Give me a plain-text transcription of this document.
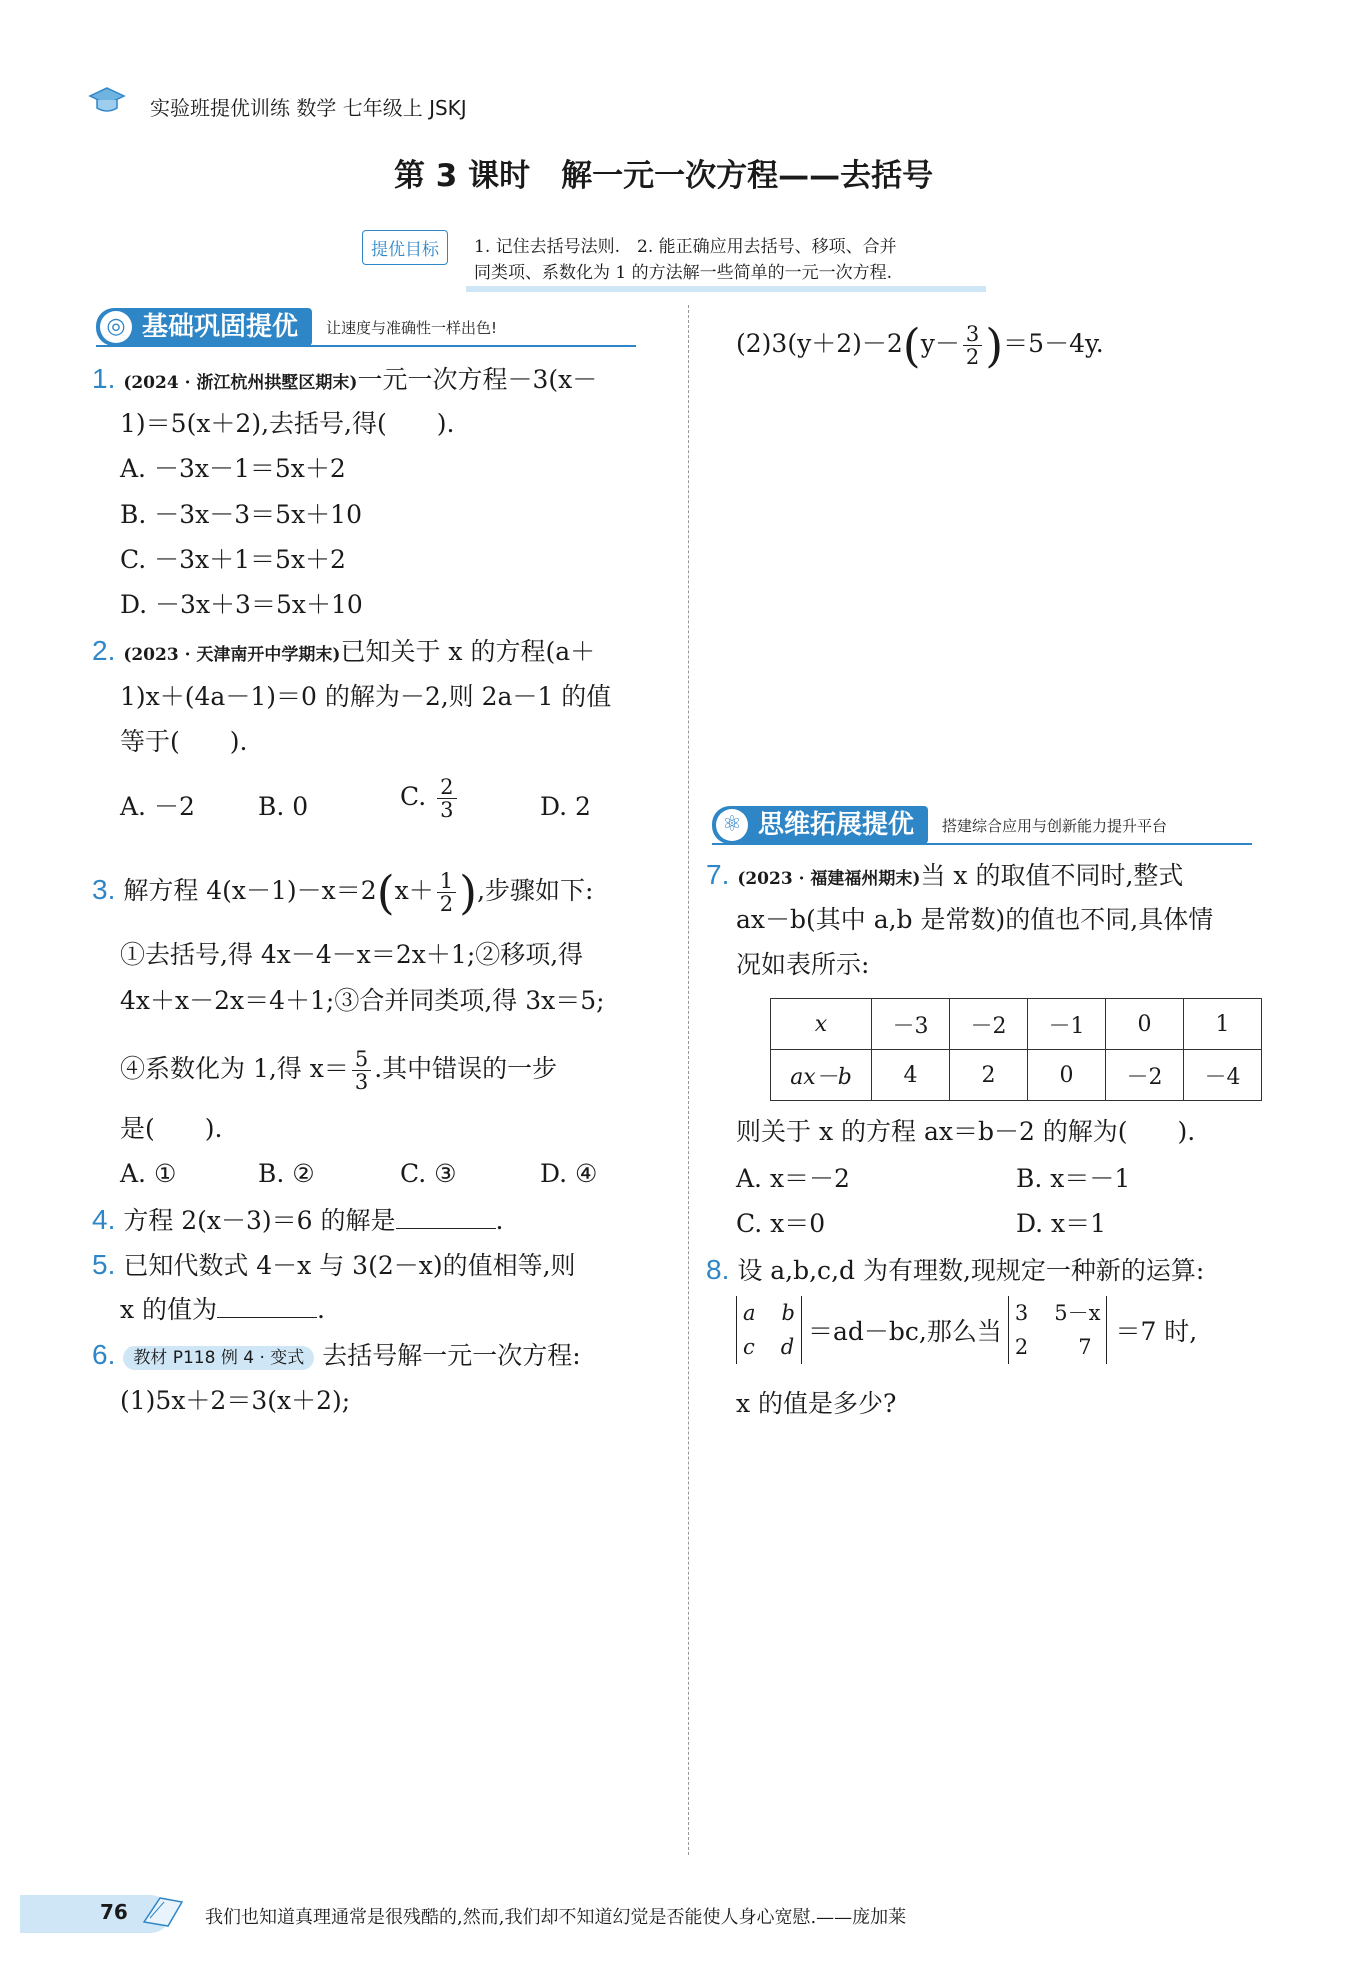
实验班提优训练 数学 七年级上 JSKJ
第 3 课时　解一元一次方程——去括号
提优目标	1. 记住去括号法则.　2. 能正确应用去括号、移项、合并
同类项、系数化为 1 的方法解一些简单的一元一次方程.
◎ 基础巩固提优	让速度与准确性一样出色!
1. (2024 · 浙江杭州拱墅区期末)一元一次方程－3(x－
1)＝5(x＋2),去括号,得(　　).
A. －3x－1＝5x＋2
B. －3x－3＝5x＋10
C. －3x＋1＝5x＋2
D. －3x＋3＝5x＋10
2. (2023 · 天津南开中学期末)已知关于 x 的方程(a＋
1)x＋(4a－1)＝0 的解为－2,则 2a－1 的值
等于(　　).
A. －2	B. 0	C. $\frac{2}{3}$	D. 2
3. 解方程 $4(x-1)-x=2(x+ \frac{1}{2}$ ),步骤如下:
①去括号,得 4x－4－x＝2x＋1;②移项,得
4x＋x－2x＝4＋1;③合并同类项,得 3x＝5;
④系数化为 1,得 $x= \frac{5}{3}$ .其中错误的一步
是(　　).
A. ①	B. ②	C. ③	D. ④
4. 方程 2(x－3)＝6 的解是	.
5. 已知代数式 4－x 与 3(2－x)的值相等,则
x 的值为	.
6. 教材 P118 例 4 · 变式 去括号解一元一次方程:
(1)5x＋2＝3(x＋2);
$(2)3(y+2)-2(y- \frac{3}{2} )=5-4y$.
⚛ 思维拓展提优	搭建综合应用与创新能力提升平台
7. (2023 · 福建福州期末)当 x 的取值不同时,整式
ax－b(其中 a,b 是常数)的值也不同,具体情
况如表所示:
x	－3	－2	－1	0	1
ax－b	4	2	0	－2	－4
则关于 x 的方程 ax＝b－2 的解为(　　).
A. x＝－2	B. x＝－1
C. x＝0	D. x＝1
8. 设 a,b,c,d 为有理数,现规定一种新的运算:
a b
c d
＝ad－bc,那么当
3 5－x
2 7
＝7 时,
x 的值是多少?
76	我们也知道真理通常是很残酷的,然而,我们却不知道幻觉是否能使人身心宽慰.——庞加莱
